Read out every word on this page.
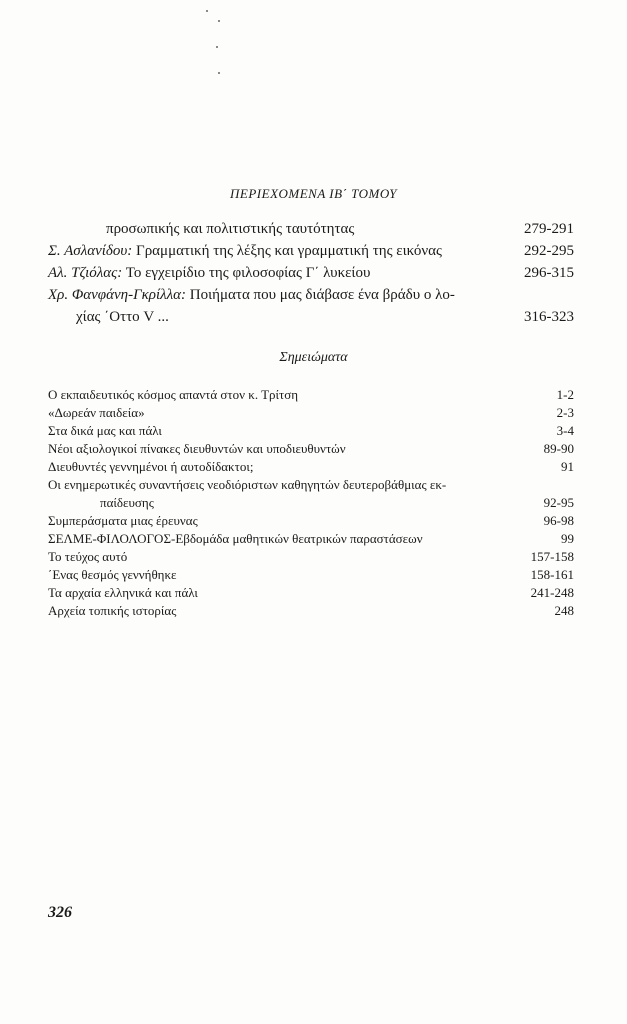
ΠΕΡΙΕΧΟΜΕΝΑ ΙΒ΄ ΤΟΜΟΥ
προσωπικής και πολιτιστικής ταυτότητας	279-291
Σ. Ασλανίδου: Γραμματική της λέξης και γραμματική της εικόνας	292-295
Αλ. Τζιόλας: Το εγχειρίδιο της φιλοσοφίας Γ΄ λυκείου	296-315
Χρ. Φανφάνη-Γκρίλλα: Ποιήματα που μας διάβασε ένα βράδυ ο λο-
χίας ΄Οττο V ...	316-323
Σημειώματα
Ο εκπαιδευτικός κόσμος απαντά στον κ. Τρίτση	1-2
«Δωρεάν παιδεία»	2-3
Στα δικά μας και πάλι	3-4
Νέοι αξιολογικοί πίνακες διευθυντών και υποδιευθυντών	89-90
Διευθυντές γεννημένοι ή αυτοδίδακτοι;	91
Οι ενημερωτικές συναντήσεις νεοδιόριστων καθηγητών δευτεροβάθμιας εκ-
παίδευσης	92-95
Συμπεράσματα μιας έρευνας	96-98
ΣΕΛΜΕ-ΦΙΛΟΛΟΓΟΣ-Εβδομάδα μαθητικών θεατρικών παραστάσεων	99
Το τεύχος αυτό	157-158
΄Ενας θεσμός γεννήθηκε	158-161
Τα αρχαία ελληνικά και πάλι	241-248
Αρχεία τοπικής ιστορίας	248
326
